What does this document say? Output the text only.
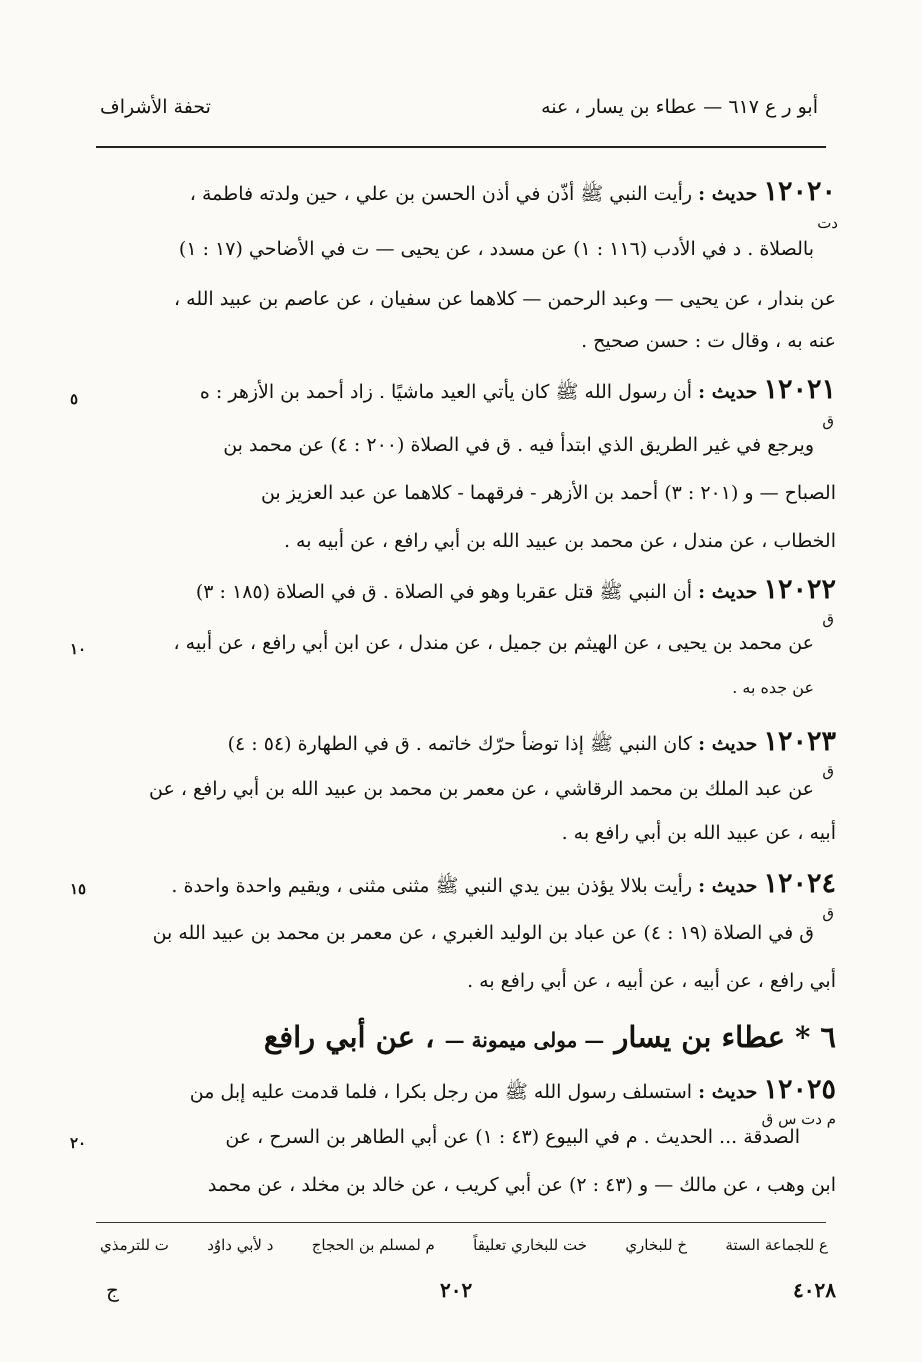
أبو ر ع ٦١٧ — عطاء بن يسار ، عنه
تحفة الأشراف
١٢٠٢٠ حديث : رأيت النبي ﷺ أذّن في أذن الحسن بن علي ، حين ولدته فاطمة ،
دت
بالصلاة . د في الأدب (١١٦ : ١) عن مسدد ، عن يحيى — ت في الأضاحي (١٧ : ١)
عن بندار ، عن يحيى — وعبد الرحمن — كلاهما عن سفيان ، عن عاصم بن عبيد الله ،
عنه به ، وقال ت : حسن صحيح .
١٢٠٢١ حديث : أن رسول الله ﷺ كان يأتي العيد ماشيًا . زاد أحمد بن الأزهر : ه
ق
ويرجع في غير الطريق الذي ابتدأ فيه . ق في الصلاة (٢٠٠ : ٤) عن محمد بن
الصباح — و (٢٠١ : ٣) أحمد بن الأزهر - فرقهما - كلاهما عن عبد العزيز بن
الخطاب ، عن مندل ، عن محمد بن عبيد الله بن أبي رافع ، عن أبيه به .
١٢٠٢٢ حديث : أن النبي ﷺ قتل عقربا وهو في الصلاة . ق في الصلاة (١٨٥ : ٣)
ق
عن محمد بن يحيى ، عن الهيثم بن جميل ، عن مندل ، عن ابن أبي رافع ، عن أبيه ،
عن جده به .
١٢٠٢٣ حديث : كان النبي ﷺ إذا توضأ حرّك خاتمه . ق في الطهارة (٥٤ : ٤)
ق
عن عبد الملك بن محمد الرقاشي ، عن معمر بن محمد بن عبيد الله بن أبي رافع ، عن
أبيه ، عن عبيد الله بن أبي رافع به .
١٢٠٢٤ حديث : رأيت بلالا يؤذن بين يدي النبي ﷺ مثنى مثنى ، ويقيم واحدة واحدة .
ق
ق في الصلاة (١٩ : ٤) عن عباد بن الوليد الغبري ، عن معمر بن محمد بن عبيد الله بن
أبي رافع ، عن أبيه ، عن أبيه ، عن أبي رافع به .
٦ * عطاء بن يسار — مولى ميمونة — ، عن أبي رافع
١٢٠٢٥ حديث : استسلف رسول الله ﷺ من رجل بكرا ، فلما قدمت عليه إبل من
م دت س ق
الصدقة ... الحديث . م في البيوع (٤٣ : ١) عن أبي الطاهر بن السرح ، عن
ابن وهب ، عن مالك — و (٤٣ : ٢) عن أبي كريب ، عن خالد بن مخلد ، عن محمد
٥
١٠
١٥
٢٠
ع للجماعة الستة
خ للبخاري
خت للبخاري تعليقاً
م لمسلم بن الحجاج
د لأبي داوُد
ت للترمذي
٢٠٢	٤٠٢٨
ج
